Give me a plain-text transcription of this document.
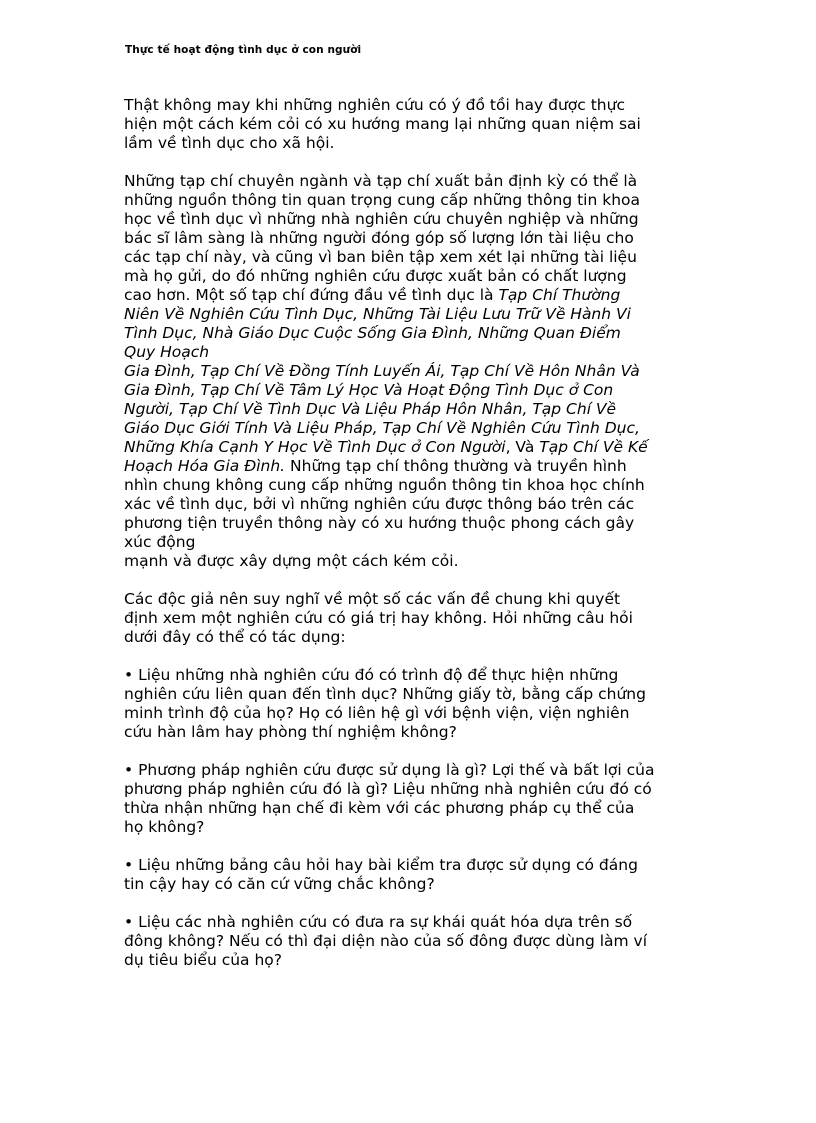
Thực tế hoạt động tình dục ở con người
Thật không may khi những nghiên cứu có ý đồ tồi hay được thực
hiện một cách kém cỏi có xu hướng mang lại những quan niệm sai
lầm về tình dục cho xã hội.
Những tạp chí chuyên ngành và tạp chí xuất bản định kỳ có thể là
những nguồn thông tin quan trọng cung cấp những thông tin khoa
học về tình dục vì những nhà nghiên cứu chuyên nghiệp và những
bác sĩ lâm sàng là những người đóng góp số lượng lớn tài liệu cho
các tạp chí này, và cũng vì ban biên tập xem xét lại những tài liệu
mà họ gửi, do đó những nghiên cứu được xuất bản có chất lượng
cao hơn. Một số tạp chí đứng đầu về tình dục là Tạp Chí Thường
Niên Về Nghiên Cứu Tình Dục, Những Tài Liệu Lưu Trữ Về Hành Vi
Tình Dục, Nhà Giáo Dục Cuộc Sống Gia Đình, Những Quan Điểm
Quy Hoạch
Gia Đình, Tạp Chí Về Đồng Tính Luyến Ái, Tạp Chí Về Hôn Nhân Và
Gia Đình, Tạp Chí Về Tâm Lý Học Và Hoạt Động Tình Dục ở Con
Người, Tạp Chí Về Tình Dục Và Liệu Pháp Hôn Nhân, Tạp Chí Về
Giáo Dục Giới Tính Và Liệu Pháp, Tạp Chí Về Nghiên Cứu Tình Dục,
Những Khía Cạnh Y Học Về Tình Dục ở Con Người, Và Tạp Chí Về Kế
Hoạch Hóa Gia Đình. Những tạp chí thông thường và truyền hình
nhìn chung không cung cấp những nguồn thông tin khoa học chính
xác về tình dục, bởi vì những nghiên cứu được thông báo trên các
phương tiện truyền thông này có xu hướng thuộc phong cách gây
xúc động
mạnh và được xây dựng một cách kém cỏi.
Các độc giả nên suy nghĩ về một số các vấn đề chung khi quyết
định xem một nghiên cứu có giá trị hay không. Hỏi những câu hỏi
dưới đây có thể có tác dụng:
• Liệu những nhà nghiên cứu đó có trình độ để thực hiện những
nghiên cứu liên quan đến tình dục? Những giấy tờ, bằng cấp chứng
minh trình độ của họ? Họ có liên hệ gì với bệnh viện, viện nghiên
cứu hàn lâm hay phòng thí nghiệm không?
• Phương pháp nghiên cứu được sử dụng là gì? Lợi thế và bất lợi của
phương pháp nghiên cứu đó là gì? Liệu những nhà nghiên cứu đó có
thừa nhận những hạn chế đi kèm với các phương pháp cụ thể của
họ không?
• Liệu những bảng câu hỏi hay bài kiểm tra được sử dụng có đáng
tin cậy hay có căn cứ vững chắc không?
• Liệu các nhà nghiên cứu có đưa ra sự khái quát hóa dựa trên số
đông không? Nếu có thì đại diện nào của số đông được dùng làm ví
dụ tiêu biểu của họ?
